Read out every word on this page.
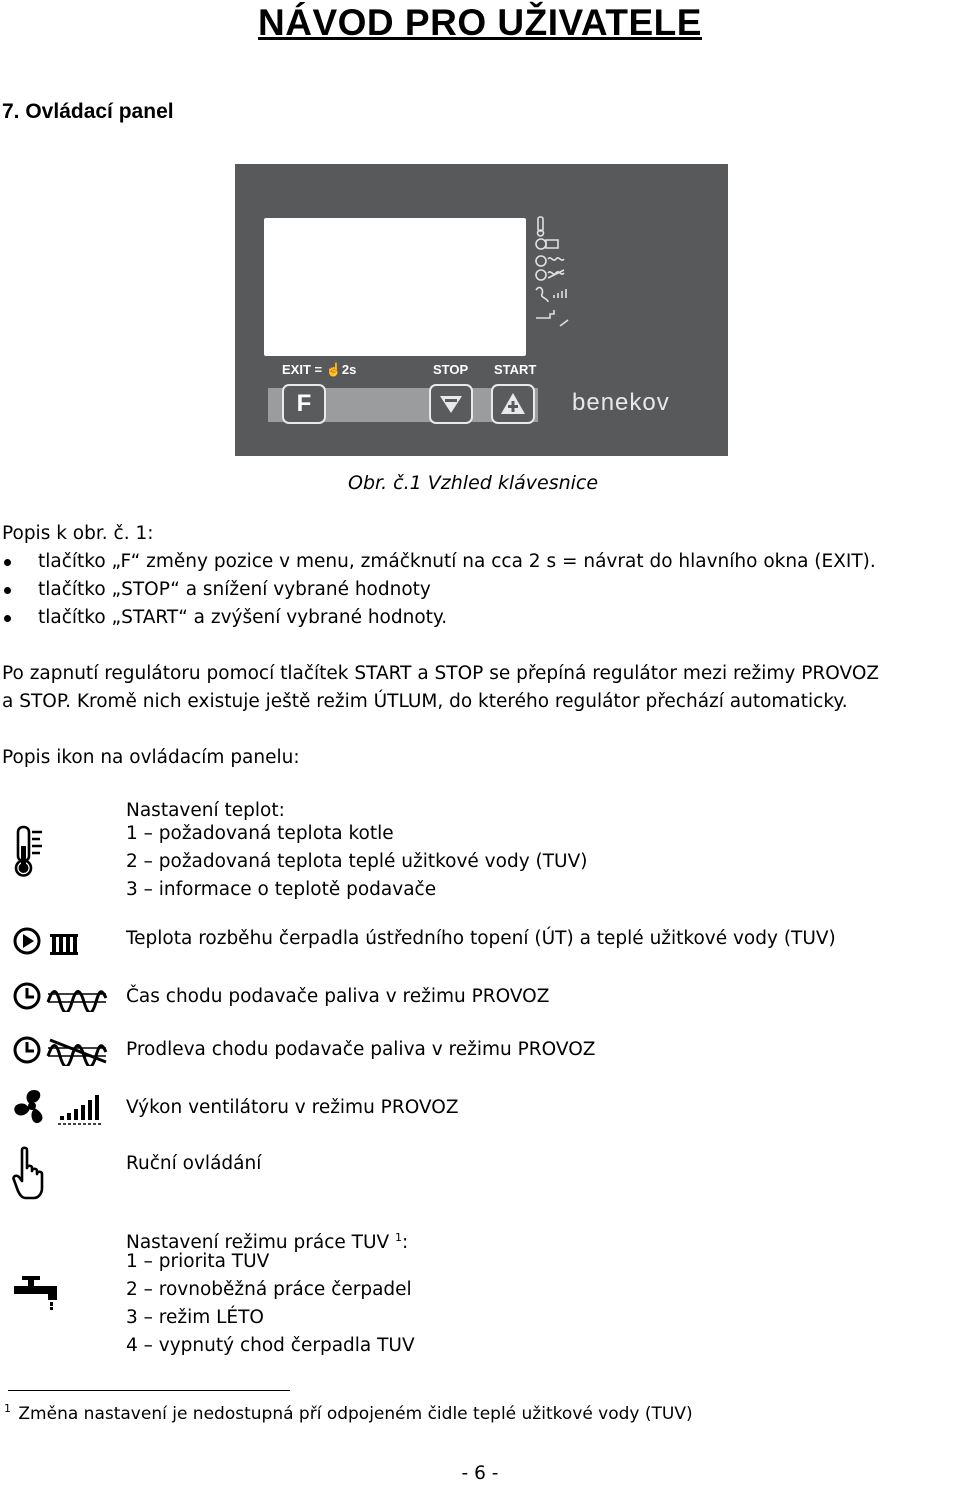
NÁVOD PRO UŽIVATELE
7. Ovládací panel
EXIT = ☝2s	STOP START
F	benekov
Obr. č.1 Vzhled klávesnice
Popis k obr. č. 1:
tlačítko „F“ změny pozice v menu, zmáčknutí na cca 2 s = návrat do hlavního okna (EXIT).
tlačítko „STOP“ a snížení vybrané hodnoty
tlačítko „START“ a zvýšení vybrané hodnoty.
Po zapnutí regulátoru pomocí tlačítek START a STOP se přepíná regulátor mezi režimy PROVOZ
a STOP. Kromě nich existuje ještě režim ÚTLUM, do kterého regulátor přechází automaticky.
Popis ikon na ovládacím panelu:
Nastavení teplot:
1 – požadovaná teplota kotle
2 – požadovaná teplota teplé užitkové vody (TUV)
3 – informace o teplotě podavače
Teplota rozběhu čerpadla ústředního topení (ÚT) a teplé užitkové vody (TUV)
Čas chodu podavače paliva v režimu PROVOZ
Prodleva chodu podavače paliva v režimu PROVOZ
Výkon ventilátoru v režimu PROVOZ
Ruční ovládání
Nastavení režimu práce TUV $^1$:
1 – priorita TUV
2 – rovnoběžná práce čerpadel
3 – režim LÉTO
4 – vypnutý chod čerpadla TUV
$^1$ Změna nastavení je nedostupná pří odpojeném čidle teplé užitkové vody (TUV)
- 6 -
